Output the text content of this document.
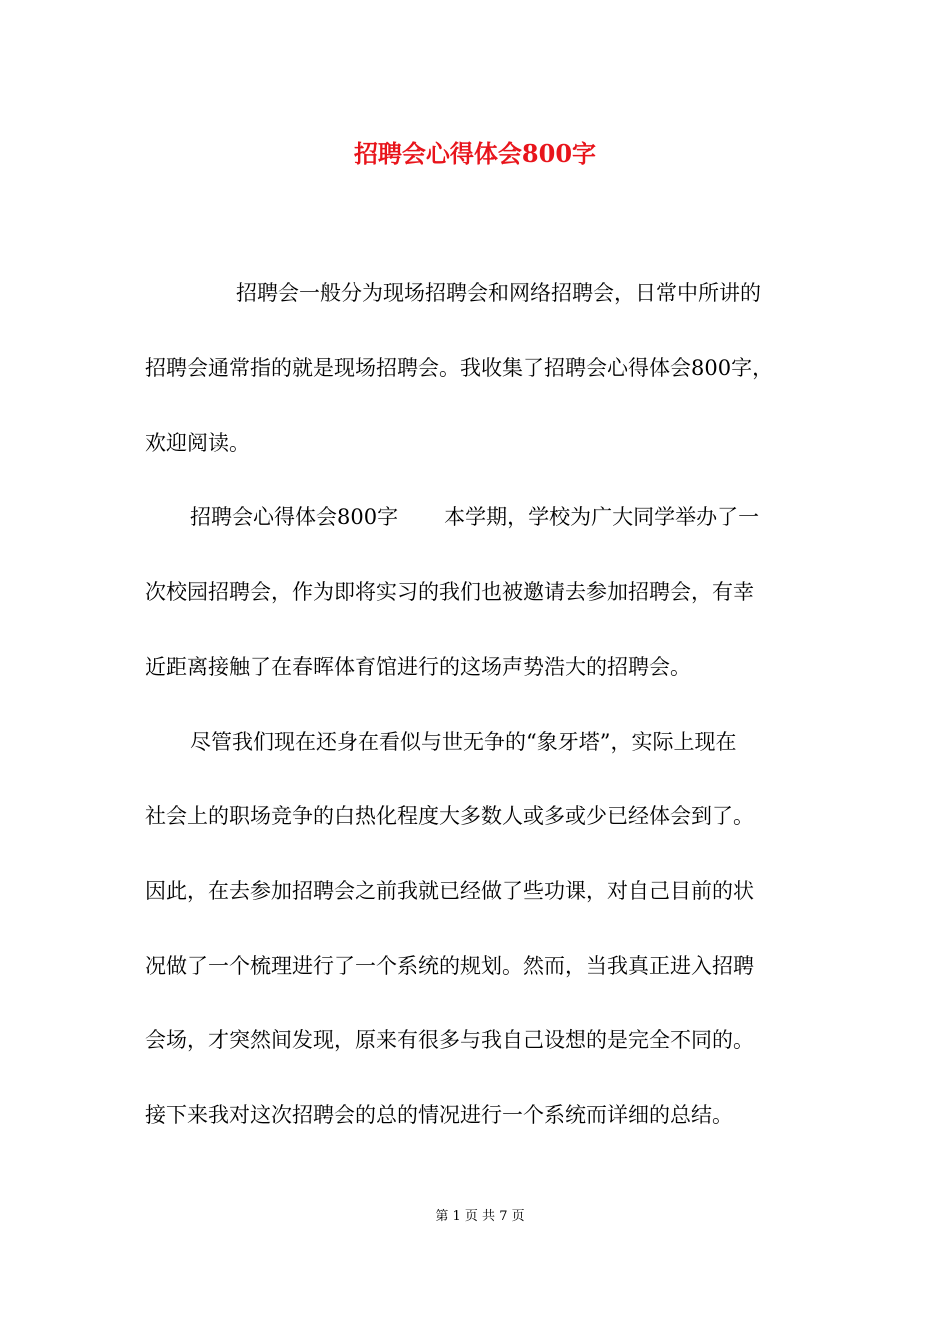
招聘会心得体会800字
招聘会一般分为现场招聘会和网络招聘会，日常中所讲的
招聘会通常指的就是现场招聘会。我收集了招聘会心得体会800字，
欢迎阅读。
招聘会心得体会800字 本学期，学校为广大同学举办了一
次校园招聘会，作为即将实习的我们也被邀请去参加招聘会，有幸
近距离接触了在春晖体育馆进行的这场声势浩大的招聘会。
尽管我们现在还身在看似与世无争的“象牙塔”，实际上现在
社会上的职场竞争的白热化程度大多数人或多或少已经体会到了。
因此，在去参加招聘会之前我就已经做了些功课，对自己目前的状
况做了一个梳理进行了一个系统的规划。然而，当我真正进入招聘
会场，才突然间发现，原来有很多与我自己设想的是完全不同的。
接下来我对这次招聘会的总的情况进行一个系统而详细的总结。
第 1 页 共 7 页
